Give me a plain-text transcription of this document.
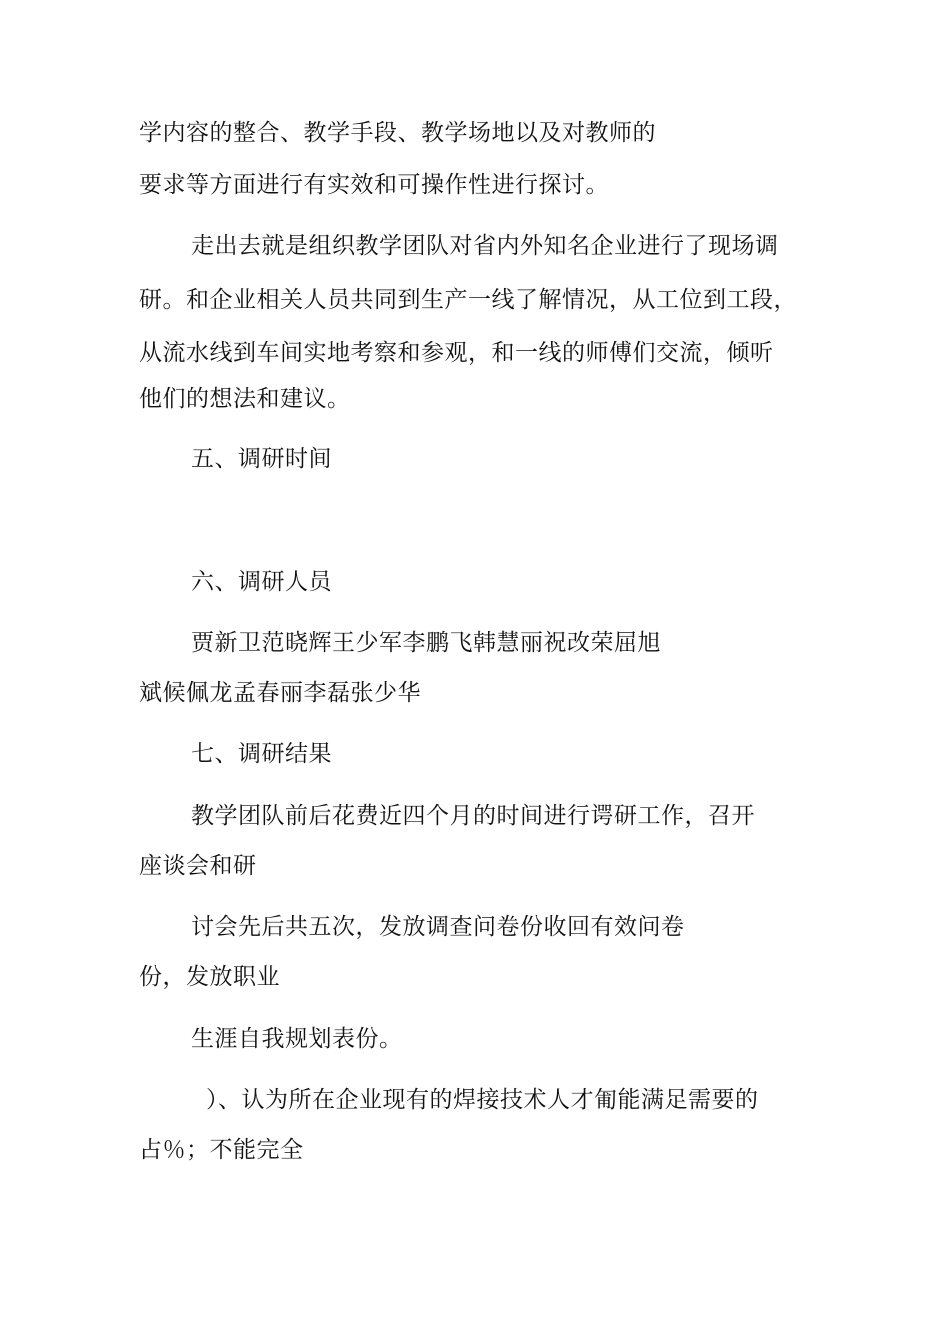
学内容的整合、教学手段、教学场地以及对教师的
要求等方面进行有实效和可操作性进行探讨。
走出去就是组织教学团队对省内外知名企业进行了现场调
研。和企业相关人员共同到生产一线了解情况，从工位到工段，
从流水线到车间实地考察和参观，和一线的师傅们交流，倾听
他们的想法和建议。
五、调研时间
六、调研人员
贾新卫范晓辉王少军李鹏飞韩慧丽祝改荣屈旭
斌候佩龙孟春丽李磊张少华
七、调研结果
教学团队前后花费近四个月的时间进行谔研工作，召开
座谈会和研
讨会先后共五次，发放调查问卷份收回有效问卷
份，发放职业
生涯自我规划表份。
）、认为所在企业现有的焊接技术人才匍能满足需要的
占％；不能完全
